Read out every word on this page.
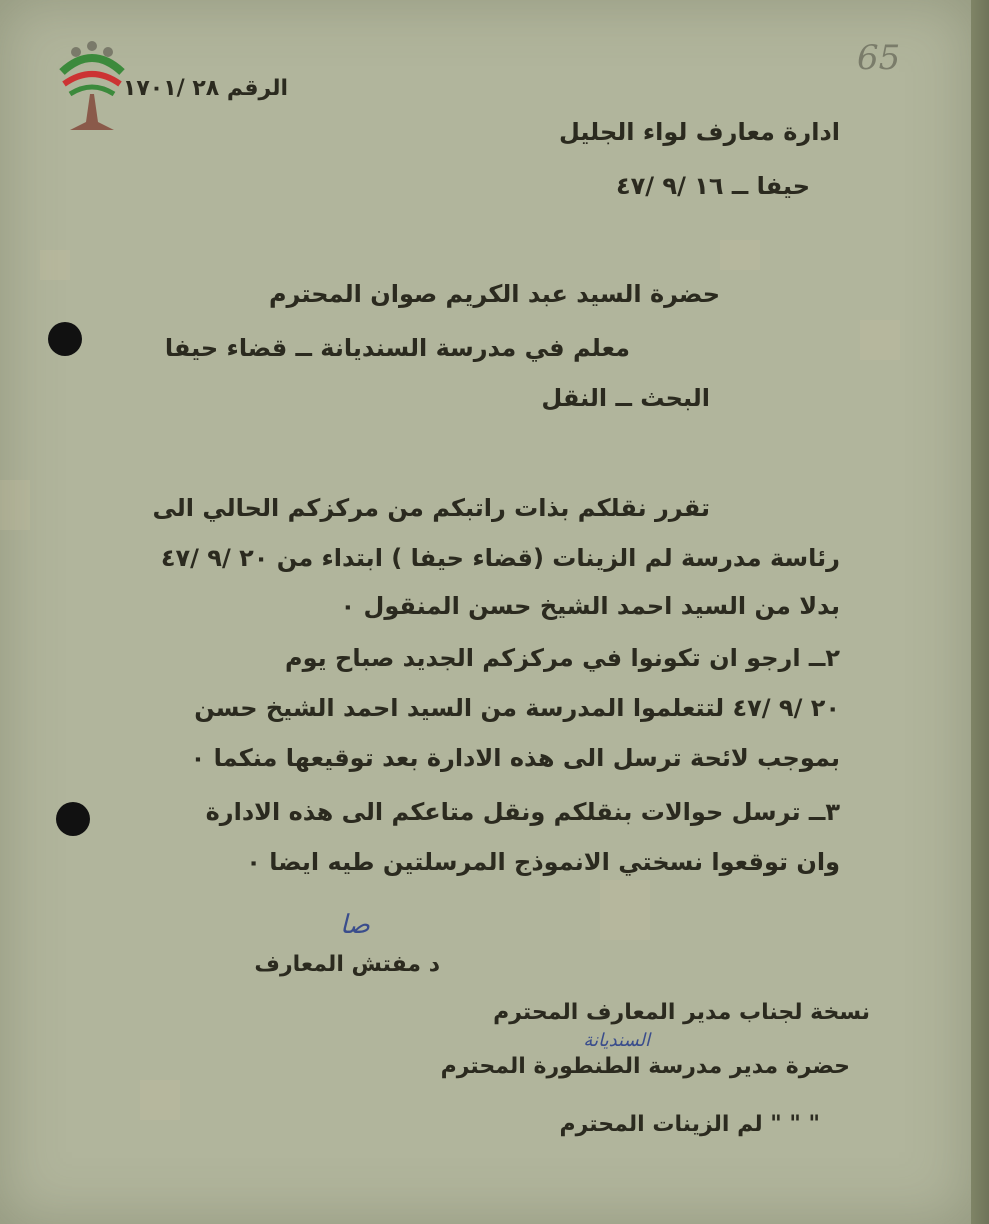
65
الرقم ٢٨ /١٧٠١
ادارة معارف لواء الجليل
حيفا ــ ١٦ /٩ /٤٧
حضرة السيد عبد الكريم صوان المحترم
معلم في مدرسة السنديانة ــ قضاء حيفا
البحث ــ النقل
تقرر نقلكم بذات راتبكم من مركزكم الحالي الى
رئاسة مدرسة لم الزينات (قضاء حيفا ) ابتداء من ٢٠ /٩ /٤٧
بدلا من السيد احمد الشيخ حسن المنقول ٠
٢ــ ارجو ان تكونوا في مركزكم الجديد صباح يوم
٢٠ /٩ /٤٧ لتتعلموا المدرسة من السيد احمد الشيخ حسن
بموجب لائحة ترسل الى هذه الادارة بعد توقيعها منكما ٠
٣ــ ترسل حوالات بنقلكم ونقل متاعكم الى هذه الادارة
وان توقعوا نسختي الانموذج المرسلتين طيه ايضا ٠
صا
د مفتش المعارف
نسخة لجناب مدير المعارف المحترم
السنديانة
حضرة مدير مدرسة الطنطورة المحترم
" " " لم الزينات المحترم
